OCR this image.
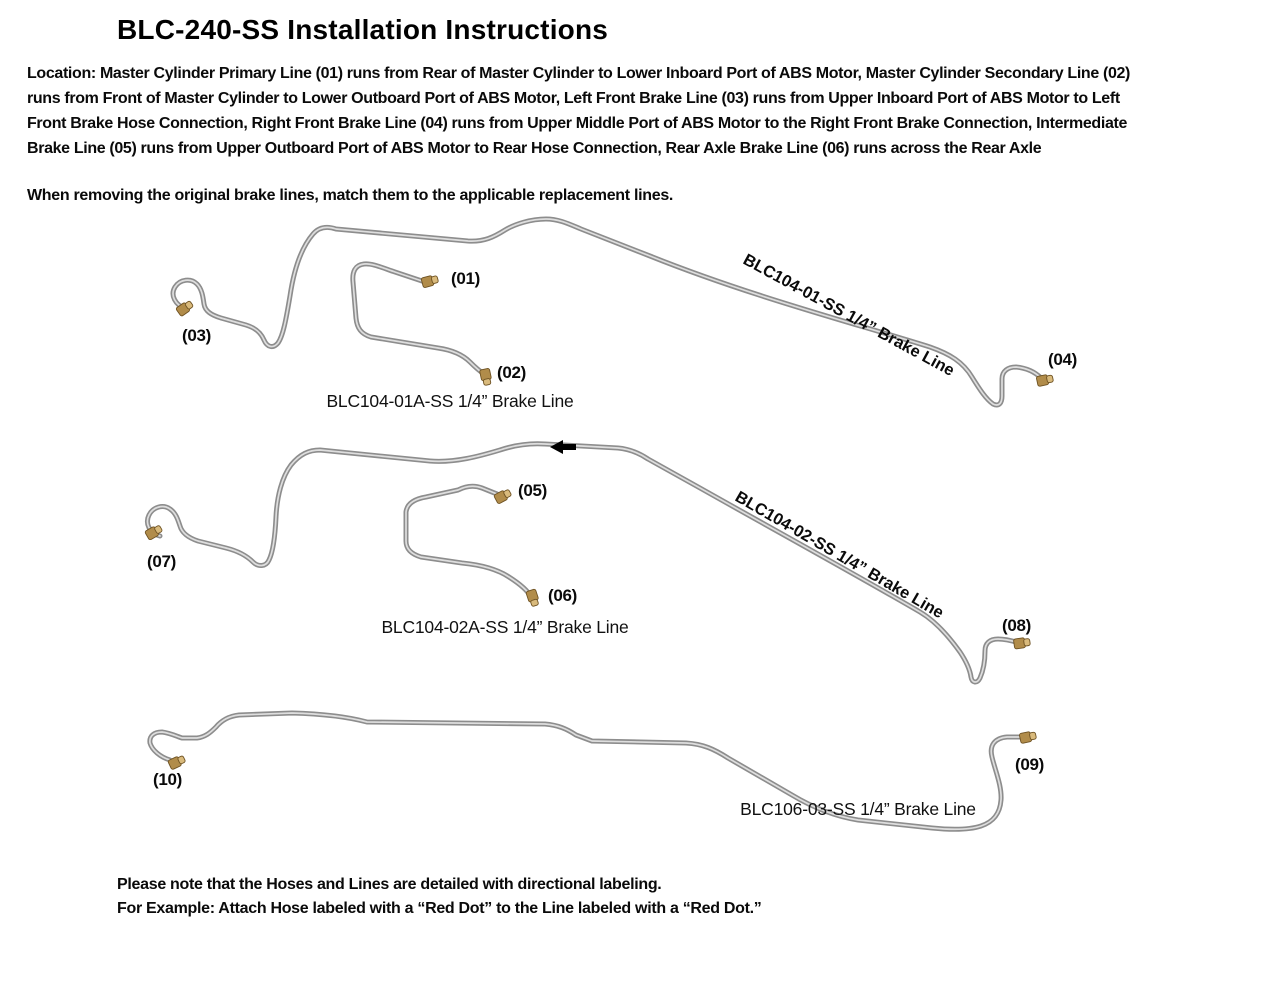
BLC-240-SS Installation Instructions
Location: Master Cylinder Primary Line (01) runs from Rear of Master Cylinder to Lower Inboard Port of ABS Motor, Master Cylinder Secondary Line (02)
runs from Front of Master Cylinder to Lower Outboard Port of ABS Motor, Left Front Brake Line (03) runs from Upper Inboard Port of ABS Motor to Left
Front Brake Hose Connection, Right Front Brake Line (04) runs from Upper Middle Port of ABS Motor to the Right Front Brake Connection, Intermediate
Brake Line (05) runs from Upper Outboard Port of ABS Motor to Rear Hose Connection, Rear Axle Brake Line (06) runs across the Rear Axle
When removing the original brake lines, match them to the applicable replacement lines.
BLC104-01-SS 1/4” Brake Line
BLC104-02-SS 1/4” Brake Line
(01)
(02)
(03)
(04)
(05)
(06)
(07)
(08)
(09)
(10)
BLC104-01A-SS 1/4” Brake Line
BLC104-02A-SS 1/4” Brake Line
BLC106-03-SS 1/4” Brake Line

Please note that the Hoses and Lines are detailed with directional labeling.

For Example: Attach Hose labeled with a “Red Dot” to the Line labeled with a “Red Dot.”
